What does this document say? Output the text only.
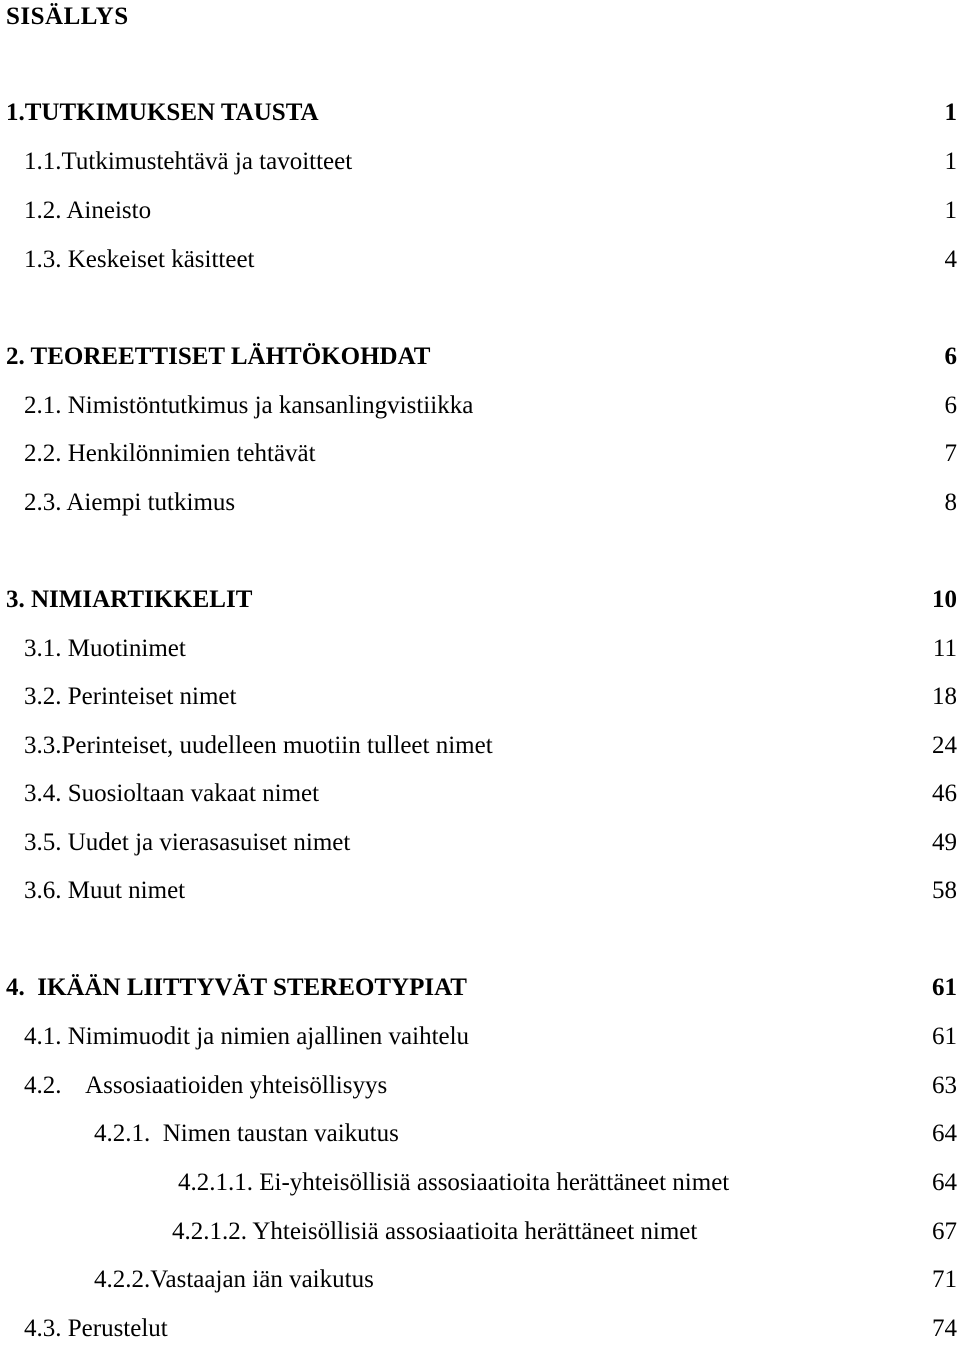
SISÄLLYS
1.TUTKIMUKSEN TAUSTA	1
1.1.Tutkimustehtävä ja tavoitteet	1
1.2. Aineisto	1
1.3. Keskeiset käsitteet	4
2. TEOREETTISET LÄHTÖKOHDAT	6
2.1. Nimistöntutkimus ja kansanlingvistiikka	6
2.2. Henkilönnimien tehtävät	7
2.3. Aiempi tutkimus	8
3. NIMIARTIKKELIT	10
3.1. Muotinimet	11
3.2. Perinteiset nimet	18
3.3.Perinteiset, uudelleen muotiin tulleet nimet	24
3.4. Suosioltaan vakaat nimet	46
3.5. Uudet ja vierasasuiset nimet	49
3.6. Muut nimet	58
4.  IKÄÄN LIITTYVÄT STEREOTYPIAT	61
4.1. Nimimuodit ja nimien ajallinen vaihtelu	61
4.2.    Assosiaatioiden yhteisöllisyys	63
4.2.1.  Nimen taustan vaikutus	64
4.2.1.1. Ei-yhteisöllisiä assosiaatioita herättäneet nimet	64
4.2.1.2. Yhteisöllisiä assosiaatioita herättäneet nimet	67
4.2.2.Vastaajan iän vaikutus	71
4.3. Perustelut	74
